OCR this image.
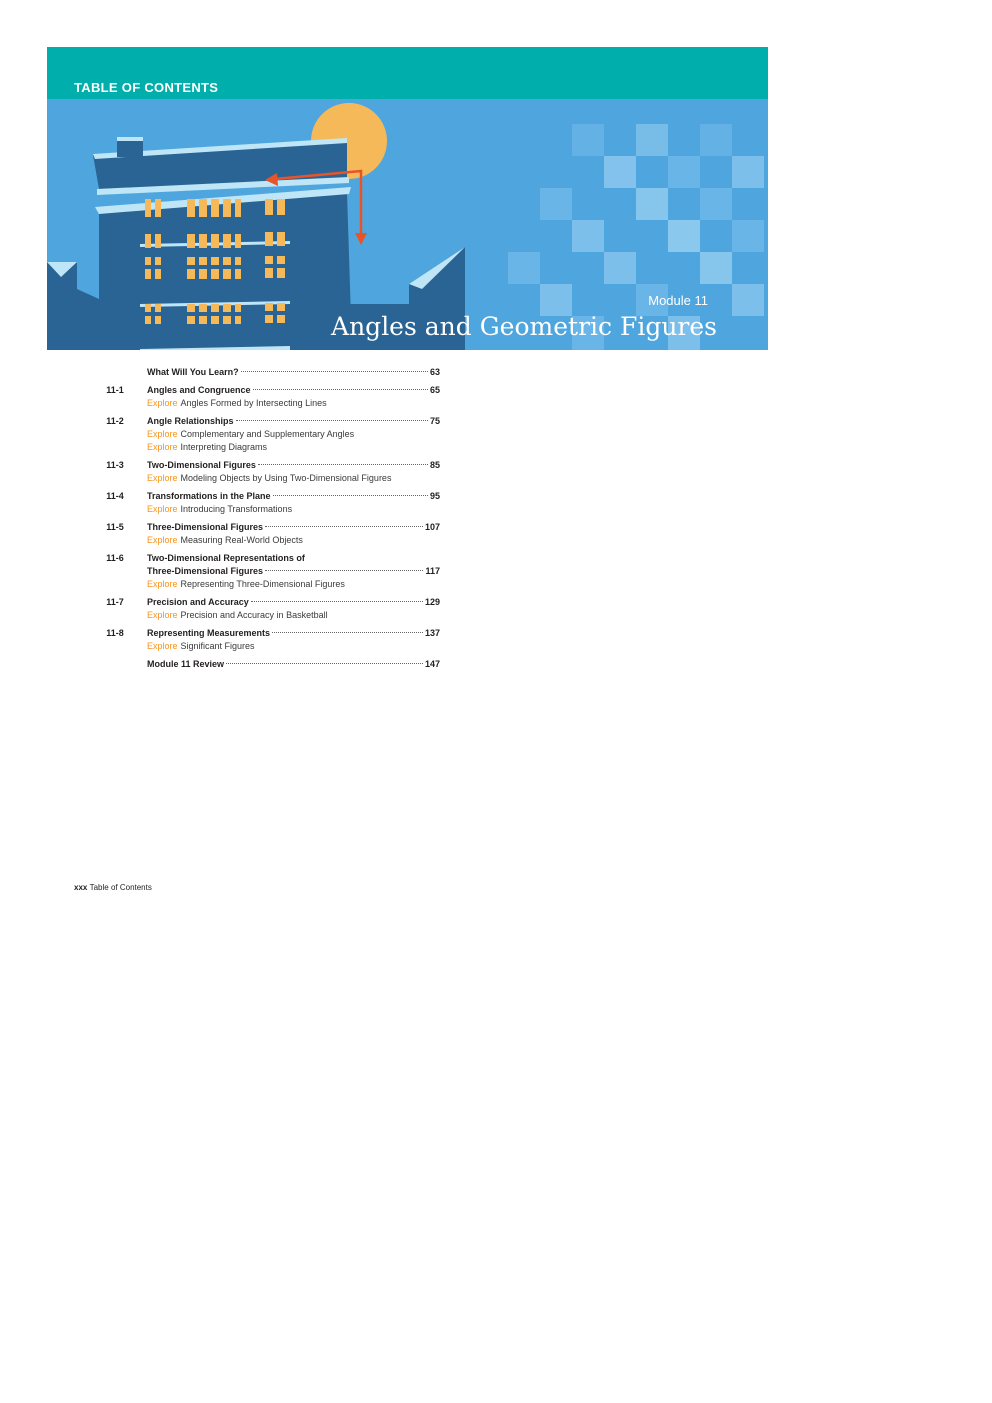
TABLE OF CONTENTS
Module 11
Angles and Geometric Figures
What Will You Learn?	63
11-1	Angles and Congruence	65
Explore Angles Formed by Intersecting Lines
11-2	Angle Relationships	75
Explore Complementary and Supplementary Angles
Explore Interpreting Diagrams
11-3	Two-Dimensional Figures	85
Explore Modeling Objects by Using Two-Dimensional Figures
11-4	Transformations in the Plane	95
Explore Introducing Transformations
11-5	Three-Dimensional Figures	107
Explore Measuring Real-World Objects
11-6	Two-Dimensional Representations of
Three-Dimensional Figures	117
Explore Representing Three-Dimensional Figures
11-7	Precision and Accuracy	129
Explore Precision and Accuracy in Basketball
11-8	Representing Measurements	137
Explore Significant Figures
Module 11 Review	147
xxx Table of Contents
